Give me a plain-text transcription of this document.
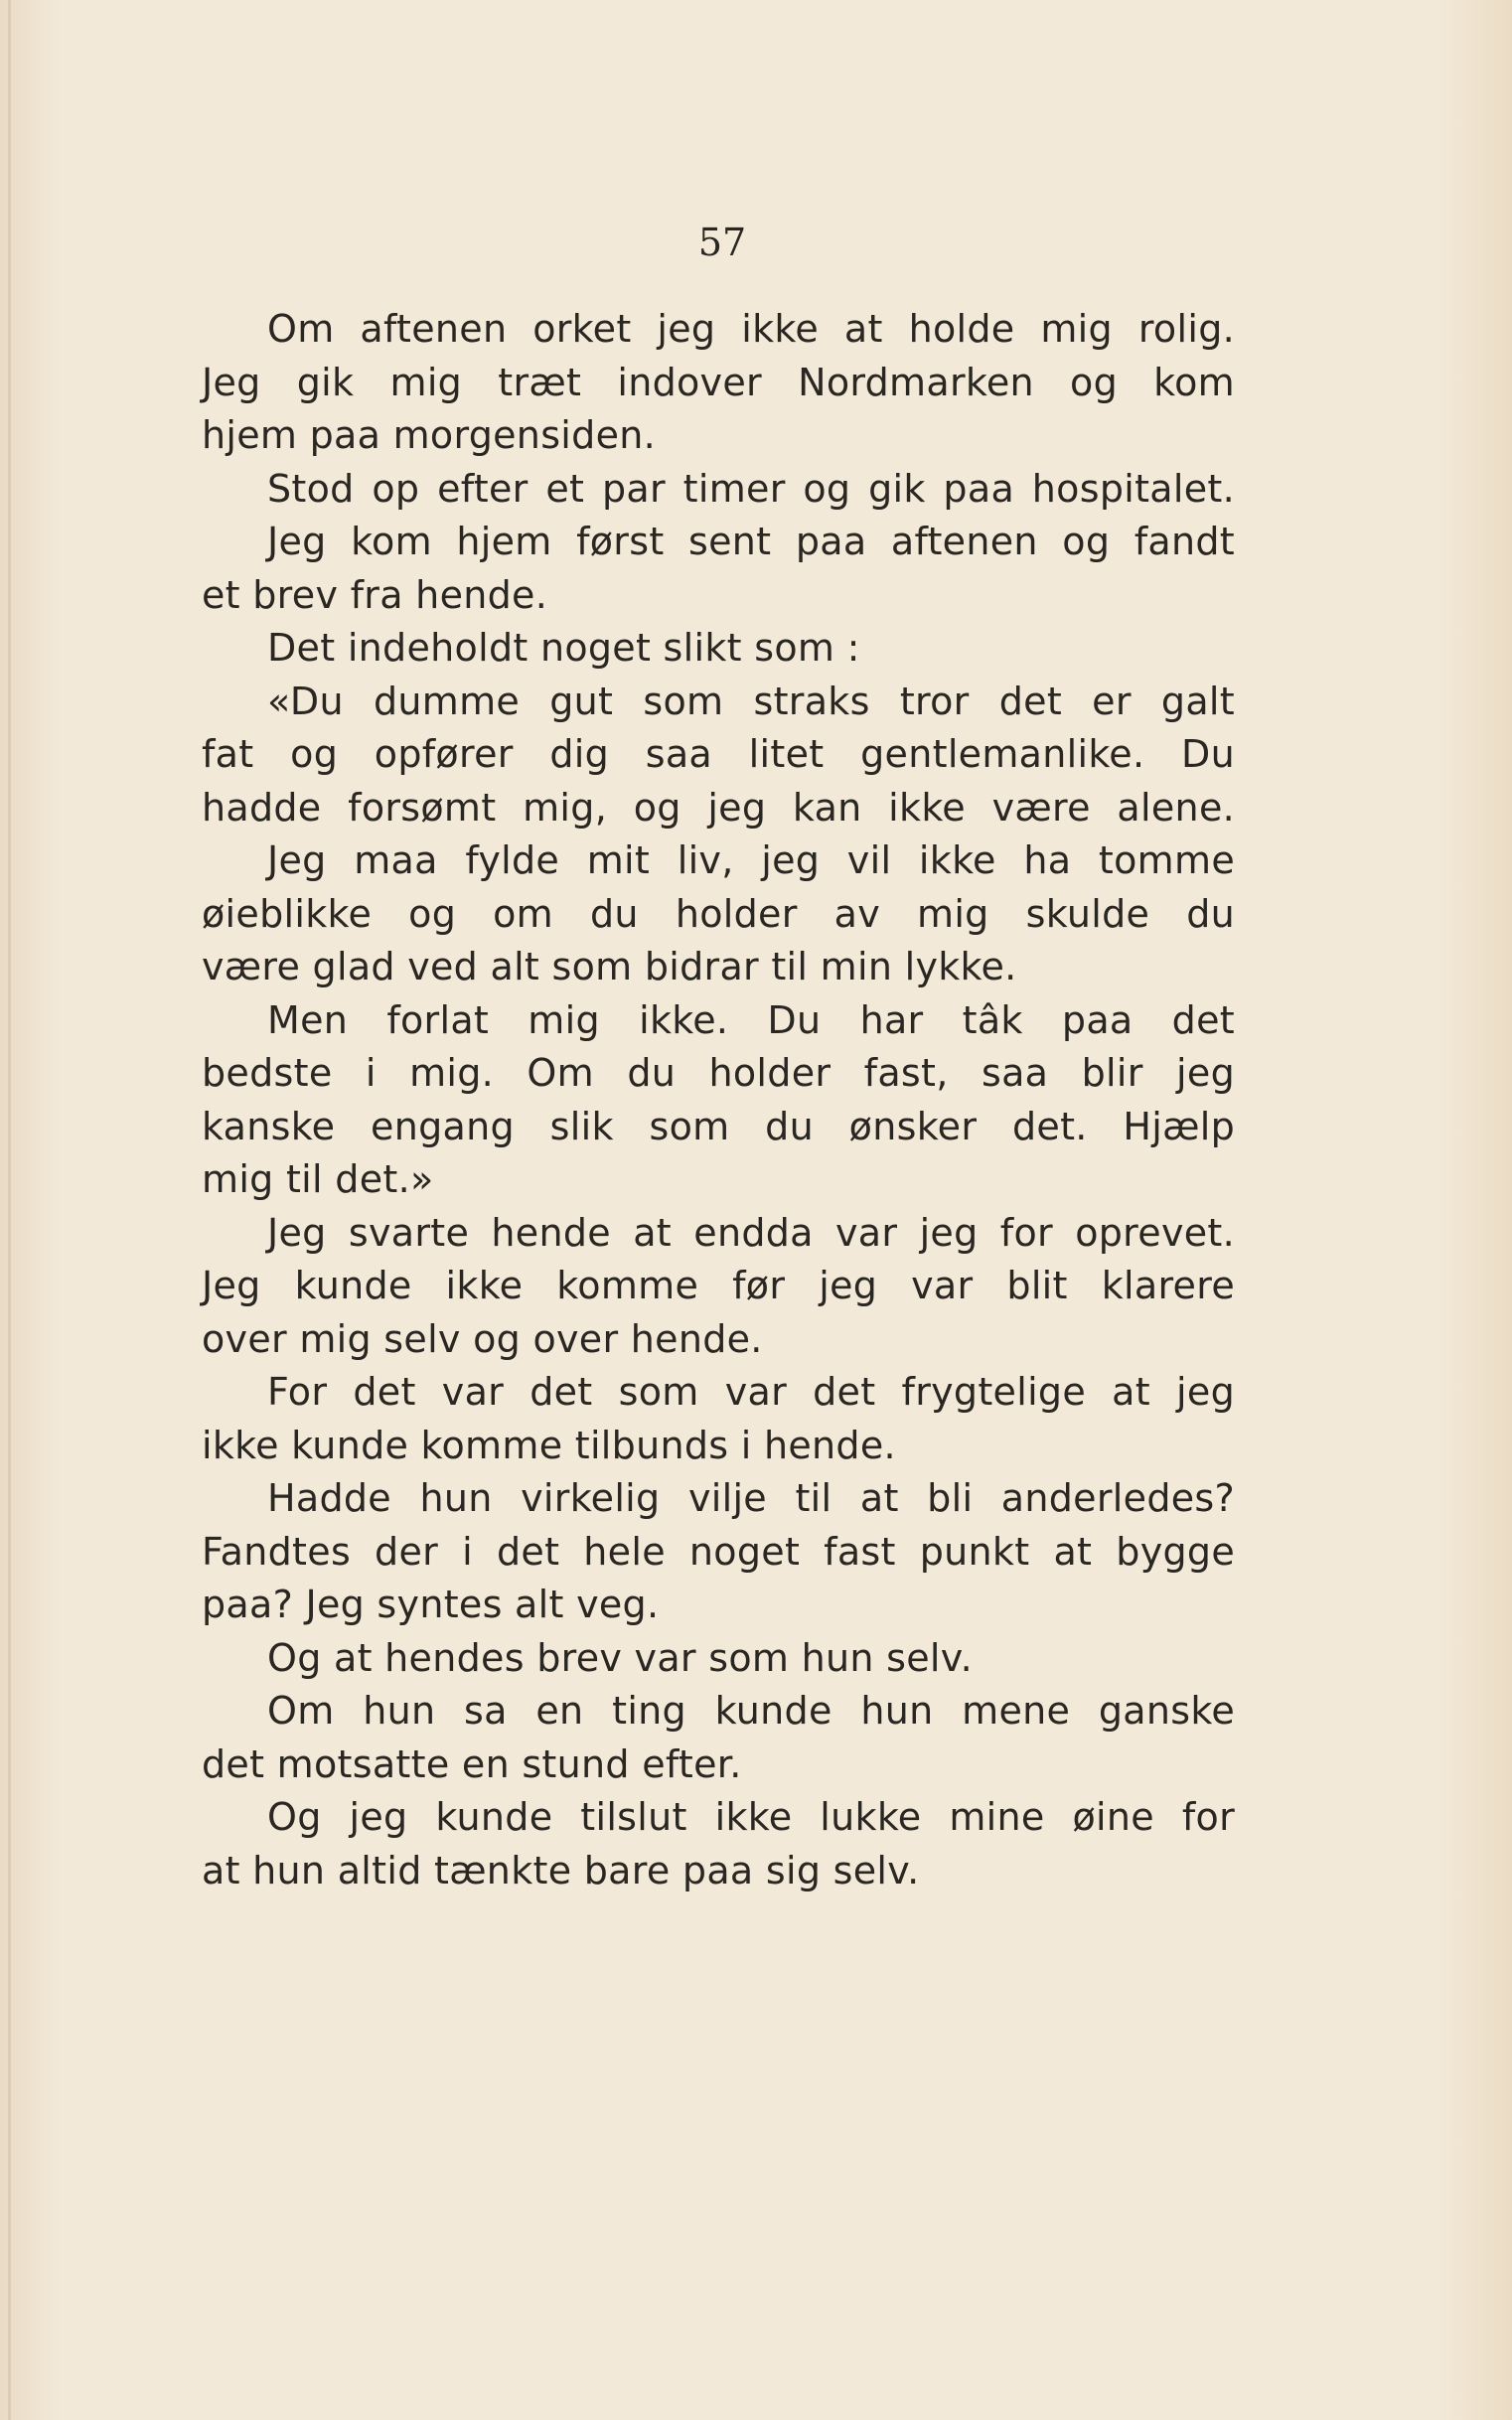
57
Om aftenen orket jeg ikke at holde mig rolig.
Jeg gik mig træt indover Nordmarken og kom
hjem paa morgensiden.
Stod op efter et par timer og gik paa hospitalet.
Jeg kom hjem først sent paa aftenen og fandt
et brev fra hende.
Det indeholdt noget slikt som :
«Du dumme gut som straks tror det er galt
fat og opfører dig saa litet gentlemanlike. Du
hadde forsømt mig, og jeg kan ikke være alene.
Jeg maa fylde mit liv, jeg vil ikke ha tomme
øieblikke og om du holder av mig skulde du
være glad ved alt som bidrar til min lykke.
Men forlat mig ikke. Du har tâk paa det
bedste i mig. Om du holder fast, saa blir jeg
kanske engang slik som du ønsker det. Hjælp
mig til det.»
Jeg svarte hende at endda var jeg for oprevet.
Jeg kunde ikke komme før jeg var blit klarere
over mig selv og over hende.
For det var det som var det frygtelige at jeg
ikke kunde komme tilbunds i hende.
Hadde hun virkelig vilje til at bli anderledes?
Fandtes der i det hele noget fast punkt at bygge
paa? Jeg syntes alt veg.
Og at hendes brev var som hun selv.
Om hun sa en ting kunde hun mene ganske
det motsatte en stund efter.
Og jeg kunde tilslut ikke lukke mine øine for
at hun altid tænkte bare paa sig selv.
